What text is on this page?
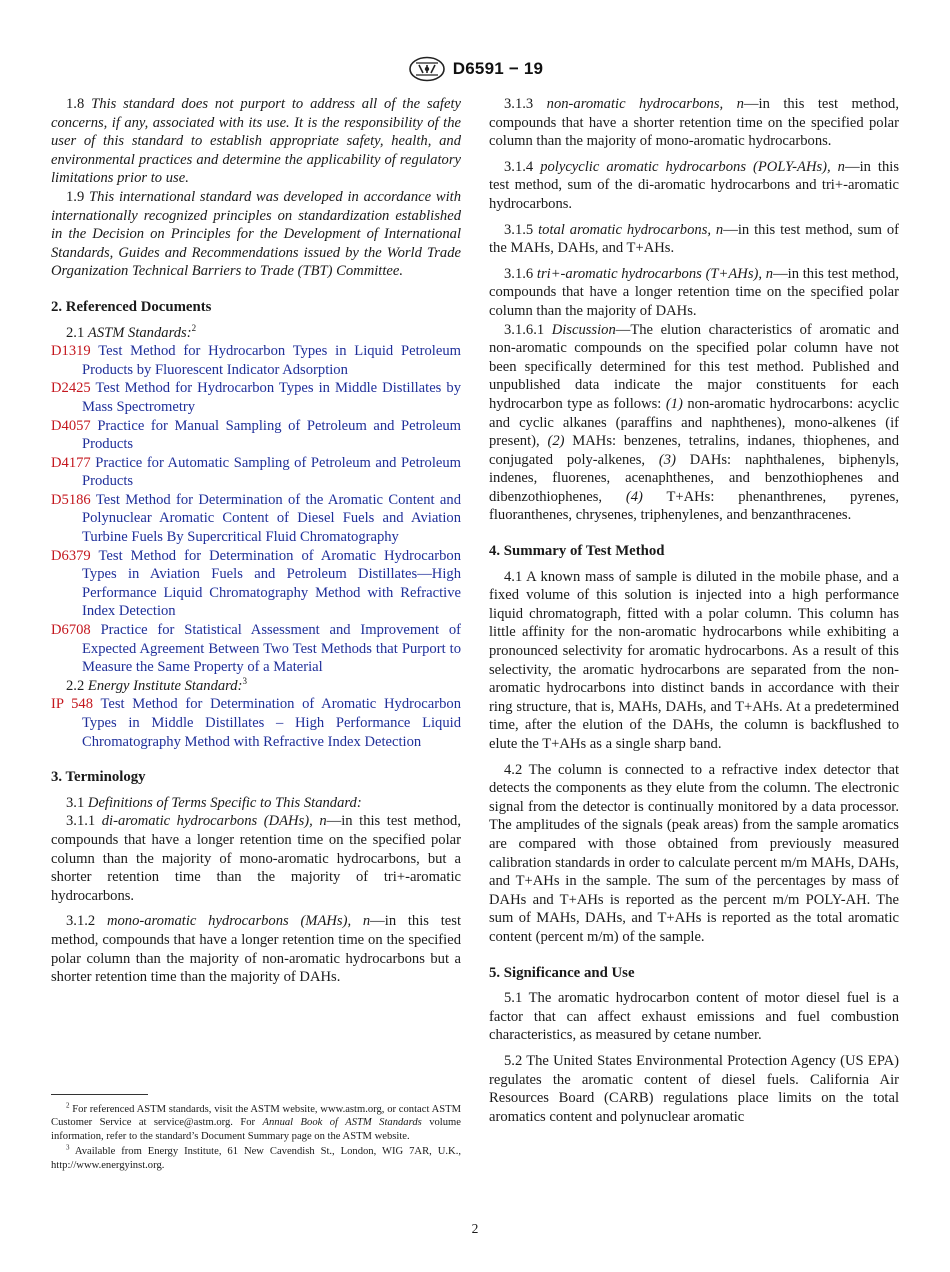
D6591 − 19

1.8 This standard does not purport to address all of the safety concerns, if any, associated with its use. It is the responsibility of the user of this standard to establish appropriate safety, health, and environmental practices and determine the applicability of regulatory limitations prior to use.

1.9 This international standard was developed in accordance with internationally recognized principles on standardization established in the Decision on Principles for the Development of International Standards, Guides and Recommendations issued by the World Trade Organization Technical Barriers to Trade (TBT) Committee.

2. Referenced Documents

2.1 ASTM Standards:$^2$

D1319 Test Method for Hydrocarbon Types in Liquid Petroleum Products by Fluorescent Indicator Adsorption

D2425 Test Method for Hydrocarbon Types in Middle Distillates by Mass Spectrometry

D4057 Practice for Manual Sampling of Petroleum and Petroleum Products

D4177 Practice for Automatic Sampling of Petroleum and Petroleum Products

D5186 Test Method for Determination of the Aromatic Content and Polynuclear Aromatic Content of Diesel Fuels and Aviation Turbine Fuels By Supercritical Fluid Chromatography

D6379 Test Method for Determination of Aromatic Hydrocarbon Types in Aviation Fuels and Petroleum Distillates—High Performance Liquid Chromatography Method with Refractive Index Detection

D6708 Practice for Statistical Assessment and Improvement of Expected Agreement Between Two Test Methods that Purport to Measure the Same Property of a Material

2.2 Energy Institute Standard:$^3$

IP 548 Test Method for Determination of Aromatic Hydrocarbon Types in Middle Distillates – High Performance Liquid Chromatography Method with Refractive Index Detection

3. Terminology

3.1 Definitions of Terms Specific to This Standard:

3.1.1 di-aromatic hydrocarbons (DAHs), n—in this test method, compounds that have a longer retention time on the specified polar column than the majority of mono-aromatic hydrocarbons, but a shorter retention time than the majority of tri+-aromatic hydrocarbons.

3.1.2 mono-aromatic hydrocarbons (MAHs), n—in this test method, compounds that have a longer retention time on the specified polar column than the majority of non-aromatic hydrocarbons but a shorter retention time than the majority of DAHs.

$^2$ For referenced ASTM standards, visit the ASTM website, www.astm.org, or contact ASTM Customer Service at service@astm.org. For Annual Book of ASTM Standards volume information, refer to the standard’s Document Summary page on the ASTM website.

$^3$ Available from Energy Institute, 61 New Cavendish St., London, WIG 7AR, U.K., http://www.energyinst.org.

3.1.3 non-aromatic hydrocarbons, n—in this test method, compounds that have a shorter retention time on the specified polar column than the majority of mono-aromatic hydrocarbons.

3.1.4 polycyclic aromatic hydrocarbons (POLY-AHs), n—in this test method, sum of the di-aromatic hydrocarbons and tri+-aromatic hydrocarbons.

3.1.5 total aromatic hydrocarbons, n—in this test method, sum of the MAHs, DAHs, and T+AHs.

3.1.6 tri+-aromatic hydrocarbons (T+AHs), n—in this test method, compounds that have a longer retention time on the specified polar column than the majority of DAHs.

3.1.6.1 Discussion—The elution characteristics of aromatic and non-aromatic compounds on the specified polar column have not been specifically determined for this test method. Published and unpublished data indicate the major constituents for each hydrocarbon type as follows: (1) non-aromatic hydrocarbons: acyclic and cyclic alkanes (paraffins and naphthenes), mono-alkenes (if present), (2) MAHs: benzenes, tetralins, indanes, thiophenes, and conjugated poly-alkenes, (3) DAHs: naphthalenes, biphenyls, indenes, fluorenes, acenaphthenes, and benzothiophenes and dibenzothiophenes, (4) T+AHs: phenanthrenes, pyrenes, fluoranthenes, chrysenes, triphenylenes, and benzanthracenes.

4. Summary of Test Method

4.1 A known mass of sample is diluted in the mobile phase, and a fixed volume of this solution is injected into a high performance liquid chromatograph, fitted with a polar column. This column has little affinity for the non-aromatic hydrocarbons while exhibiting a pronounced selectivity for aromatic hydrocarbons. As a result of this selectivity, the aromatic hydrocarbons are separated from the non-aromatic hydrocarbons into distinct bands in accordance with their ring structure, that is, MAHs, DAHs, and T+AHs. At a predetermined time, after the elution of the DAHs, the column is backflushed to elute the T+AHs as a single sharp band.

4.2 The column is connected to a refractive index detector that detects the components as they elute from the column. The electronic signal from the detector is continually monitored by a data processor. The amplitudes of the signals (peak areas) from the sample aromatics are compared with those obtained from previously measured calibration standards in order to calculate percent m/m MAHs, DAHs, and T+AHs in the sample. The sum of the percentages by mass of DAHs and T+AHs is reported as the percent m/m POLY-AH. The sum of MAHs, DAHs, and T+AHs is reported as the total aromatic content (percent m/m) of the sample.

5. Significance and Use

5.1 The aromatic hydrocarbon content of motor diesel fuel is a factor that can affect exhaust emissions and fuel combustion characteristics, as measured by cetane number.

5.2 The United States Environmental Protection Agency (US EPA) regulates the aromatic content of diesel fuels. California Air Resources Board (CARB) regulations place limits on the total aromatics content and polynuclear aromatic

2
